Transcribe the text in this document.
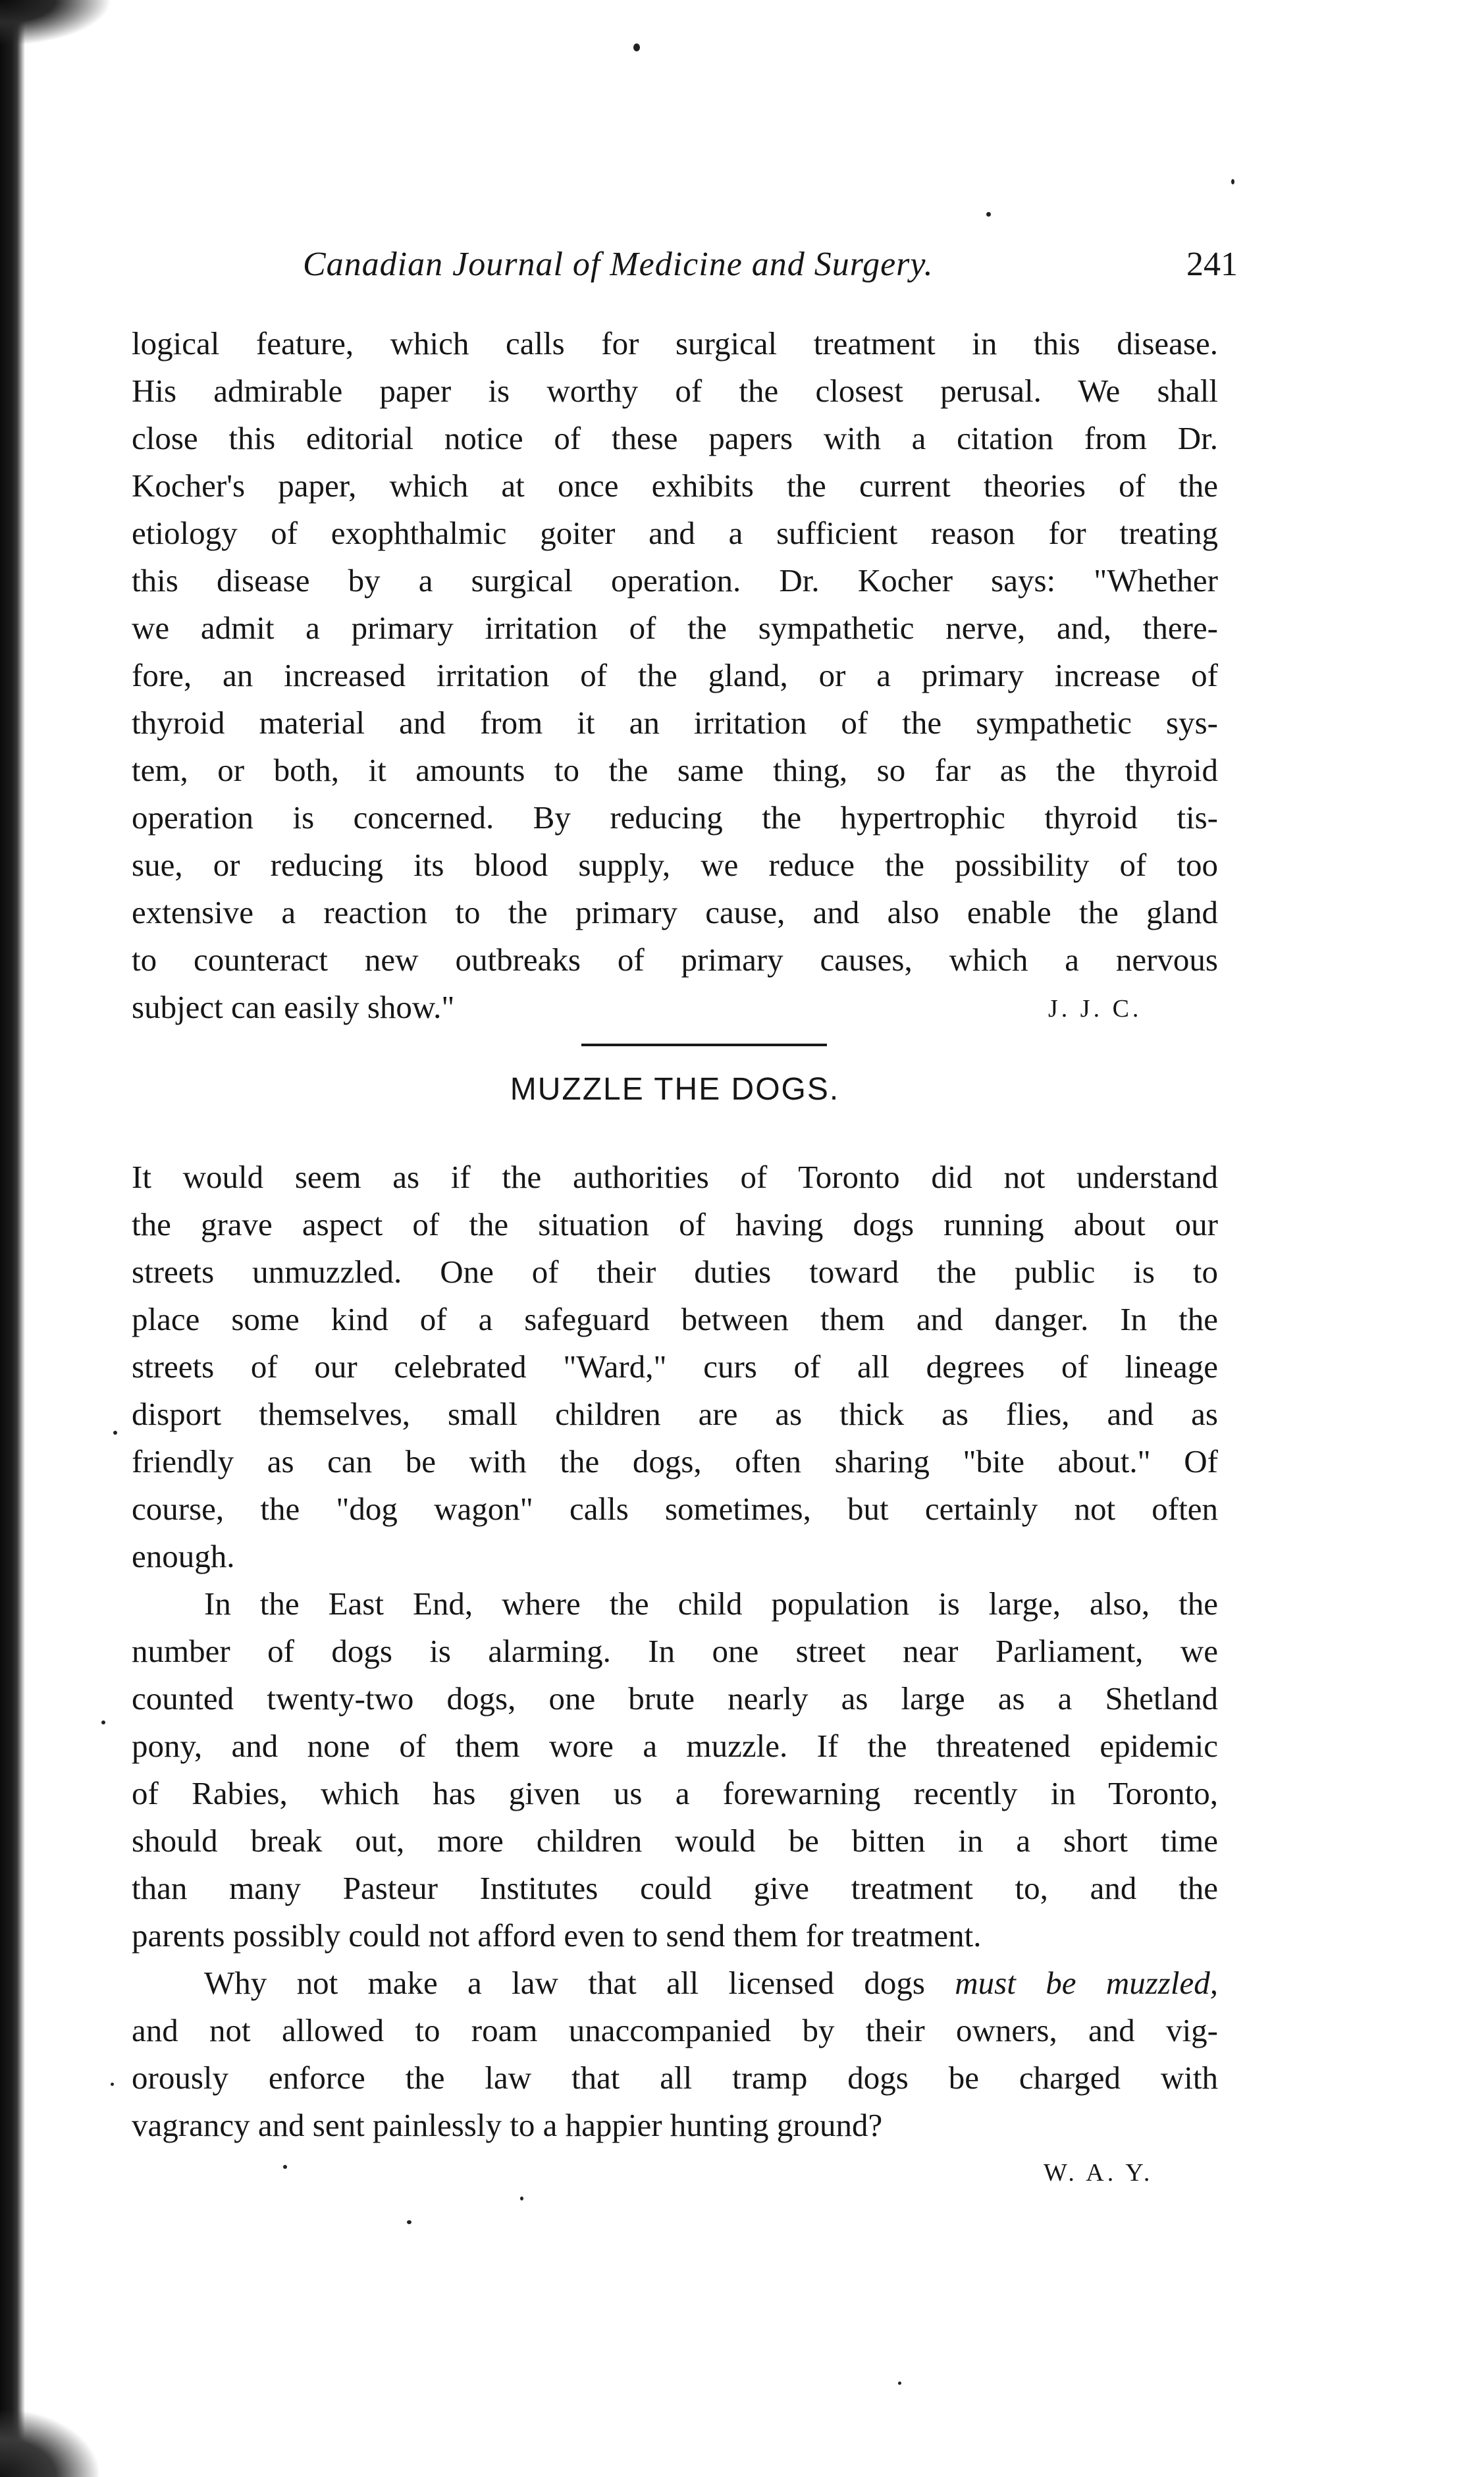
Canadian Journal of Medicine and Surgery.	241
logical feature, which calls for surgical treatment in this disease.
His admirable paper is worthy of the closest perusal. We shall
close this editorial notice of these papers with a citation from Dr.
Kocher's paper, which at once exhibits the current theories of the
etiology of exophthalmic goiter and a sufficient reason for treating
this disease by a surgical operation. Dr. Kocher says: "Whether
we admit a primary irritation of the sympathetic nerve, and, there-
fore, an increased irritation of the gland, or a primary increase of
thyroid material and from it an irritation of the sympathetic sys-
tem, or both, it amounts to the same thing, so far as the thyroid
operation is concerned. By reducing the hypertrophic thyroid tis-
sue, or reducing its blood supply, we reduce the possibility of too
extensive a reaction to the primary cause, and also enable the gland
to counteract new outbreaks of primary causes, which a nervous
subject can easily show."	J. J. C.
MUZZLE THE DOGS.
It would seem as if the authorities of Toronto did not understand
the grave aspect of the situation of having dogs running about our
streets unmuzzled. One of their duties toward the public is to
place some kind of a safeguard between them and danger. In the
streets of our celebrated "Ward," curs of all degrees of lineage
disport themselves, small children are as thick as flies, and as
friendly as can be with the dogs, often sharing "bite about." Of
course, the "dog wagon" calls sometimes, but certainly not often
enough.
In the East End, where the child population is large, also, the
number of dogs is alarming. In one street near Parliament, we
counted twenty-two dogs, one brute nearly as large as a Shetland
pony, and none of them wore a muzzle. If the threatened epidemic
of Rabies, which has given us a forewarning recently in Toronto,
should break out, more children would be bitten in a short time
than many Pasteur Institutes could give treatment to, and the
parents possibly could not afford even to send them for treatment.
Why not make a law that all licensed dogs must be muzzled,
and not allowed to roam unaccompanied by their owners, and vig-
orously enforce the law that all tramp dogs be charged with
vagrancy and sent painlessly to a happier hunting ground?
W. A. Y.
